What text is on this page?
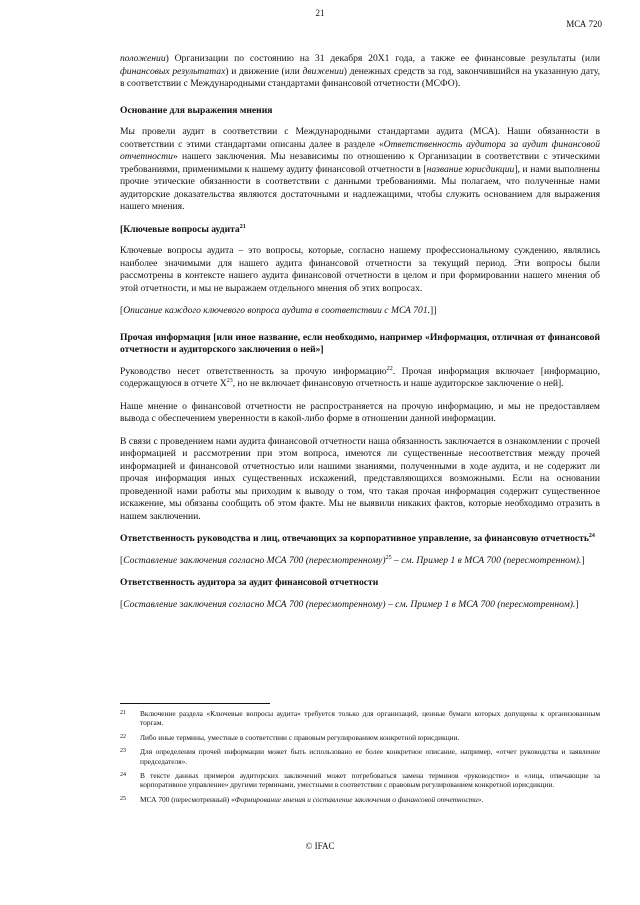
21
МСА 720

положении) Организации по состоянию на 31 декабря 20Х1 года, а также ее финансовые результаты (или финансовых результатах) и движение (или движении) денежных средств за год, закончившийся на указанную дату, в соответствии с Международными стандартами финансовой отчетности (МСФО).

Основание для выражения мнения

Мы провели аудит в соответствии с Международными стандартами аудита (МСА). Наши обязанности в соответствии с этими стандартами описаны далее в разделе «Ответственность аудитора за аудит финансовой отчетности» нашего заключения. Мы независимы по отношению к Организации в соответствии с этическими требованиями, применимыми к нашему аудиту финансовой отчетности в [название юрисдикции], и нами выполнены прочие этические обязанности в соответствии с данными требованиями. Мы полагаем, что полученные нами аудиторские доказательства являются достаточными и надлежащими, чтобы служить основанием для выражения нашего мнения.

[Ключевые вопросы аудита$^{21}$

Ключевые вопросы аудита – это вопросы, которые, согласно нашему профессиональному суждению, являлись наиболее значимыми для нашего аудита финансовой отчетности за текущий период. Эти вопросы были рассмотрены в контексте нашего аудита финансовой отчетности в целом и при формировании нашего мнения об этой отчетности, и мы не выражаем отдельного мнения об этих вопросах.

[Описание каждого ключевого вопроса аудита в соответствии с МСА 701.]]

Прочая информация [или иное название, если необходимо, например «Информация, отличная от финансовой отчетности и аудиторского заключения о ней»]

Руководство несет ответственность за прочую информацию$^{22}$. Прочая информация включает [информацию, содержащуюся в отчете $X^{23}$, но не включает финансовую отчетность и наше аудиторское заключение о ней].

Наше мнение о финансовой отчетности не распространяется на прочую информацию, и мы не предоставляем вывода с обеспечением уверенности в какой-либо форме в отношении данной информации.

В связи с проведением нами аудита финансовой отчетности наша обязанность заключается в ознакомлении с прочей информацией и рассмотрении при этом вопроса, имеются ли существенные несоответствия между прочей информацией и финансовой отчетностью или нашими знаниями, полученными в ходе аудита, и не содержит ли прочая информация иных существенных искажений, представляющихся возможными. Если на основании проведенной нами работы мы приходим к выводу о том, что такая прочая информация содержит существенное искажение, мы обязаны сообщить об этом факте. Мы не выявили никаких фактов, которые необходимо отразить в нашем заключении.

Ответственность руководства и лиц, отвечающих за корпоративное управление, за финансовую отчетность$^{24}$

[Составление заключения согласно МСА 700 (пересмотренному)$^{25}$ – см. Пример 1 в МСА 700 (пересмотренном).]

Ответственность аудитора за аудит финансовой отчетности

[Составление заключения согласно МСА 700 (пересмотренному) – см. Пример 1 в МСА 700 (пересмотренном).]

21	Включение раздела «Ключевые вопросы аудита» требуется только для организаций, ценные бумаги которых допущены к организованным торгам.
22	Либо иные термины, уместные в соответствии с правовым регулированием конкретной юрисдикции.
23	Для определения прочей информации может быть использовано ее более конкретное описание, например, «отчет руководства и заявление председателя».
24	В тексте данных примеров аудиторских заключений может потребоваться замена терминов «руководство» и «лица, отвечающие за корпоративное управление» другими терминами, уместными в соответствии с правовым регулированием конкретной юрисдикции.
25	МСА 700 (пересмотренный) «Формирование мнения и составление заключения о финансовой отчетности».
© IFAC
